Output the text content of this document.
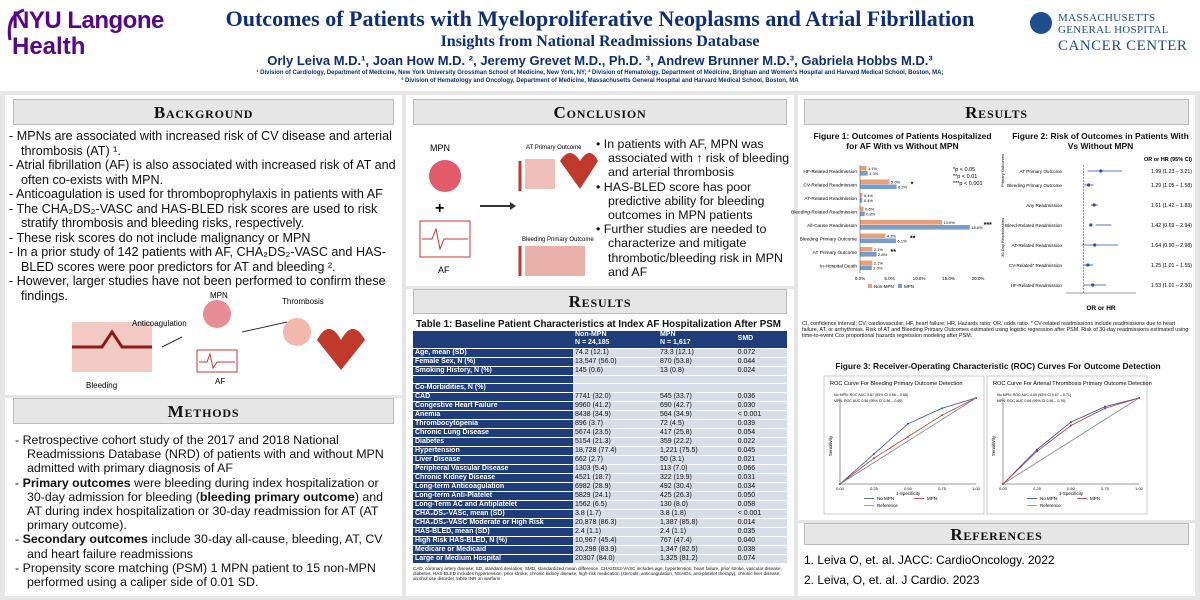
NYU Langone
Health
Outcomes of Patients with Myeloproliferative Neoplasms and Atrial Fibrillation
Insights from National Readmissions Database
Orly Leiva M.D.¹, Joan How M.D. ², Jeremy Grevet M.D., Ph.D. ³, Andrew Brunner M.D.³, Gabriela Hobbs M.D.³
¹ Division of Cardiology, Department of Medicine, New York University Grossman School of Medicine, New York, NY; ² Division of Hematology, Department of Medicine, Brigham and Women's Hospital and Harvard Medical School, Boston, MA;
³ Division of Hematology and Oncology, Department of Medicine, Massachusetts General Hospital and Harvard Medical School, Boston, MA
MASSACHUSETTS
GENERAL HOSPITAL
CANCER CENTER
Background
- MPNs are associated with increased risk of CV disease and arterial thrombosis (AT) ¹.
- Atrial fibrillation (AF) is also associated with increased risk of AT and often co-exists with MPN.
- Anticoagulation is used for thromboprophylaxis in patients with AF
- The CHA₂DS₂-VASC and HAS-BLED risk scores are used to risk stratify thrombosis and bleeding risks, respectively.
- These risk scores do not include malignancy or MPN
- In a prior study of 142 patients with AF, CHA₂DS₂-VASC and HAS-BLED scores were poor predictors for AT and bleeding ².
- However, larger studies have not been performed to confirm these findings.
Bleeding
Anticoagulation
MPN
AF
Thrombosis
Methods
- Retrospective cohort study of the 2017 and 2018 National Readmissions Database (NRD) of patients with and without MPN admitted with primary diagnosis of AF
- Primary outcomes were bleeding during index hospitalization or 30-day admission for bleeding (bleeding primary outcome) and AT during index hospitalization or 30-day readmission for AT (AT primary outcome).
- Secondary outcomes include 30-day all-cause, bleeding, AT, CV and heart failure readmissions
- Propensity score matching (PSM) 1 MPN patient to 15 non-MPN performed using a caliper side of 0.01 SD.
Conclusion
MPN
+
AF
AT Primary Outcome
Bleeding Primary Outcome
• In patients with AF, MPN was associated with ↑ risk of bleeding and arterial thrombosis
• HAS-BLED score has poor predictive ability for bleeding outcomes in MPN patients
• Further studies are needed to characterize and mitigate thrombotic/bleeding risk in MPN and AF
Results
Table 1: Baseline Patient Characteristics at Index AF Hospitalization After PSM
	Non-MPN
N = 24,185	MPN
N = 1,617	SMD
Age, mean (SD)	74.2 (12.1)	73.3 (12.1)	0.072
Female Sex, N (%)	13,547 (56.0)	870 (53.8)	0.044
Smoking History, N (%)	145 (0.6)	13 (0.8)	0.024

Co-Morbidities, N (%)			
CAD	7741 (32.0)	545 (33.7)	0.036
Congestive Heart Failure	9960 (41.2)	690 (42.7)	0.030
Anemia	8438 (34.9)	564 (34.9)	< 0.001
Thrombocytopenia	896 (3.7)	72 (4.5)	0.039
Chronic Lung Disease	5674 (23.5)	417 (25.8)	0.054
Diabetes	5154 (21.3)	359 (22.2)	0.022
Hypertension	18,728 (77.4)	1,221 (75.5)	0.045
Liver Disease	662 (2.7)	50 (3.1)	0.021
Peripheral Vascular Disease	1303 (5.4)	113 (7.0)	0.066
Chronic Kidney Disease	4521 (18.7)	322 (19.9)	0.031
Long-term Anticoagulation	6982 (28.9)	492 (30.4)	0.034
Long-term Anti-Platelet	5829 (24.1)	425 (26.3)	0.050
Long-Term AC and Antiplatelet	1562 (6.5)	130 (8.0)	0.058
CHA₂DS₂-VASc, mean (SD)	3.8 (1.7)	3.8 (1.8)	< 0.001
CHA₂DS₂-VASC Moderate or High Risk	20,878 (86.3)	1,387 (85.8)	0.014
HAS-BLED, mean (SD)	2.4 (1.1)	2.4 (1.1)	0.035
High Risk HAS-BLED, N (%)	10,967 (45.4)	767 (47.4)	0.040
Medicare or Medicaid	20,298 (83.9)	1,347 (82.5)	0.038
Large or Medium Hospital	20307 (84.0)	1,325 (81.2)	0.074
CAD, coronary artery disease; SD, standard deviation; SMD, standardized mean difference. CHA2DS2-VASC includes age, hypertension, heart failure, prior stroke, vascular disease, diabetes. HAS-BLED includes hypertension, prior stroke, chronic kidney disease, high-risk medication (steroids, anticoagulation, NSAIDs, anti-platelet therapy), chronic liver disease, alcohol use disorder, labile INR on warfarin
Results
Figure 1: Outcomes of Patients Hospitalized for AF With vs Without MPN
Figure 2: Risk of Outcomes in Patients With Vs Without MPN
HF-Related Readmission
1.1%
1.3%
CV-Related Readmission
5.0%
6.2% *
AT-Related Readmission
0.4%
0.4%
Bleeding-Related Readmission
0.6%
0.8%
All-Cause Readmission
13.9%
18.6% ***
Bleeding Primary Outcome
4.3%
6.1% **
AT Primary Outcome
2.1%
2.8% **
In-Hospital Death
2.1%
2.0%
0.0%	5.0%	10.0%	15.0%	20.0%
Non-MPN MPN
*p < 0.05
**p < 0.01
***p < 0.001
OR or HR (95% CI)
AT Primary Outcome	1.99 (1.23 – 3.21)
Bleeding Primary Outcome	1.29 (1.05 – 1.58)
Any Readmission	1.61 (1.42 – 1.83)
Bleed-Related Readmission	1.42 (0.69 – 2.94)
AT-Related Readmission	1.64 (0.90 – 2.98)
CV-Related* Readmission	1.25 (1.01 – 1.55)
HF-Related Readmission	1.53 (1.01 – 2.30)
Primary Outcomes
30-Day Readmissions
OR or HR
CI, confidence interval; CV, cardiovascular; HF, heart failure; HR, Hazards ratio; OR, odds ratio. * CV-related readmissions include readmissions due to heart failure, AT, or arrhythmias. Risk of AT and Bleeding Primary Outcomes estimated using logistic regression after PSM. Risk of 30-day readmissions estimated using time-to-event Cox proportional hazards regression modeling after PSM.
Figure 3: Receiver-Operating Characteristic (ROC) Curves For Outcome Detection
ROC Curve For Bleeding Primary Outcome Detection
No MPN: ROC AUC 0.67 (95% CI 0.66 – 0.68)
MPN: ROC AUC 0.56 (95% CI 0.56 – 0.65)
0.00	0.25	0.50	0.75	1.00
1-Specificity
Sensitivity
No MPN	MPN
Reference
ROC Curve For Arterial Thrombosis Primary Outcome Detection
No MPN: ROC AUC 0.69 (95% CI 0.67 – 0.71)
MPN: ROC AUC 0.66 (95% CI 0.56 – 0.76)
0.00	0.25	0.50	0.75	1.00
1-Specificity
Sensitivity
No MPN	MPN
Reference
References
1. Leiva O, et. al. JACC: CardioOncology. 2022
2. Leiva, O, et. al. J Cardio. 2023
